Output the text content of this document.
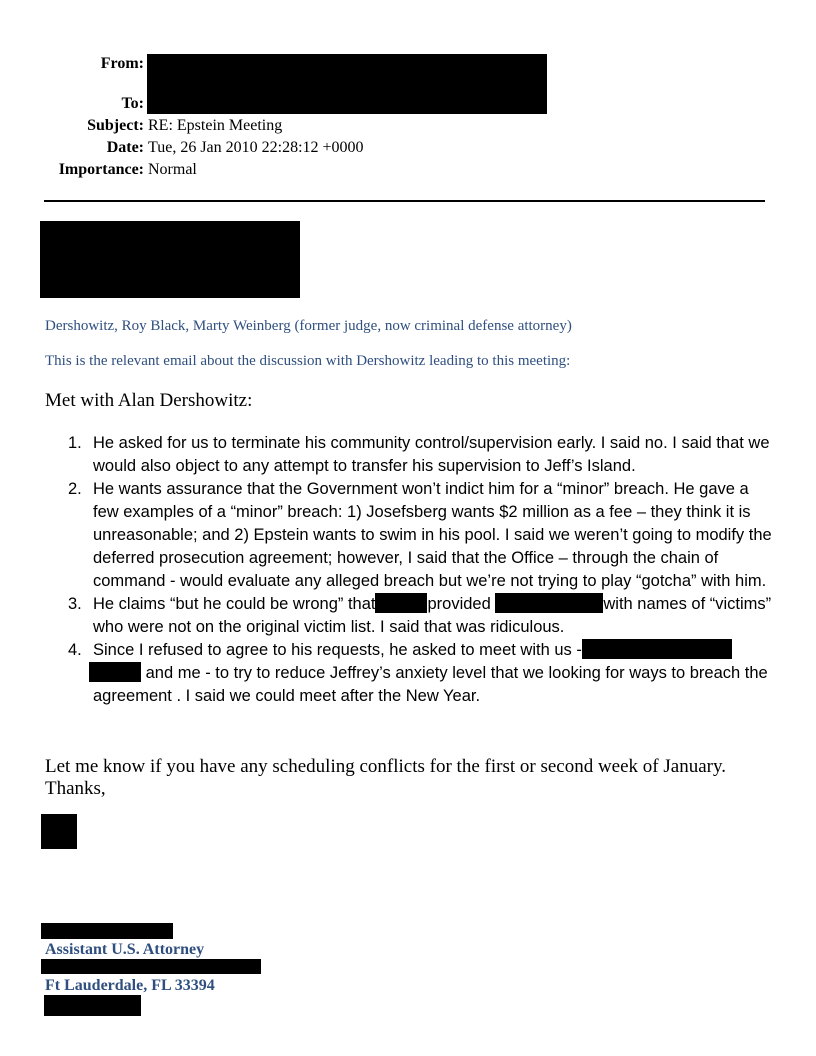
From:
To:
Subject: RE: Epstein Meeting
Date: Tue, 26 Jan 2010 22:28:12 +0000
Importance: Normal
Dershowitz, Roy Black, Marty Weinberg (former judge, now criminal defense attorney)
This is the relevant email about the discussion with Dershowitz leading to this meeting:
Met with Alan Dershowitz:
1. He asked for us to terminate his community control/supervision early. I said no. I said that we would also object to any attempt to transfer his supervision to Jeff’s Island.
2. He wants assurance that the Government won’t indict him for a “minor” breach. He gave a few examples of a “minor” breach: 1) Josefsberg wants $2 million as a fee – they think it is unreasonable; and 2) Epstein wants to swim in his pool. I said we weren’t going to modify the deferred prosecution agreement; however, I said that the Office – through the chain of command - would evaluate any alleged breach but we’re not trying to play “gotcha” with him.
3. He claims “but he could be wrong” that	provided	with names of “victims” who were not on the original victim list. I said that was ridiculous.
4. Since I refused to agree to his requests, he asked to meet with us -  and me - to try to reduce Jeffrey’s anxiety level that we looking for ways to breach the agreement . I said we could meet after the New Year.
Let me know if you have any scheduling conflicts for the first or second week of January.
Thanks,
Assistant U.S. Attorney
Ft Lauderdale, FL 33394
